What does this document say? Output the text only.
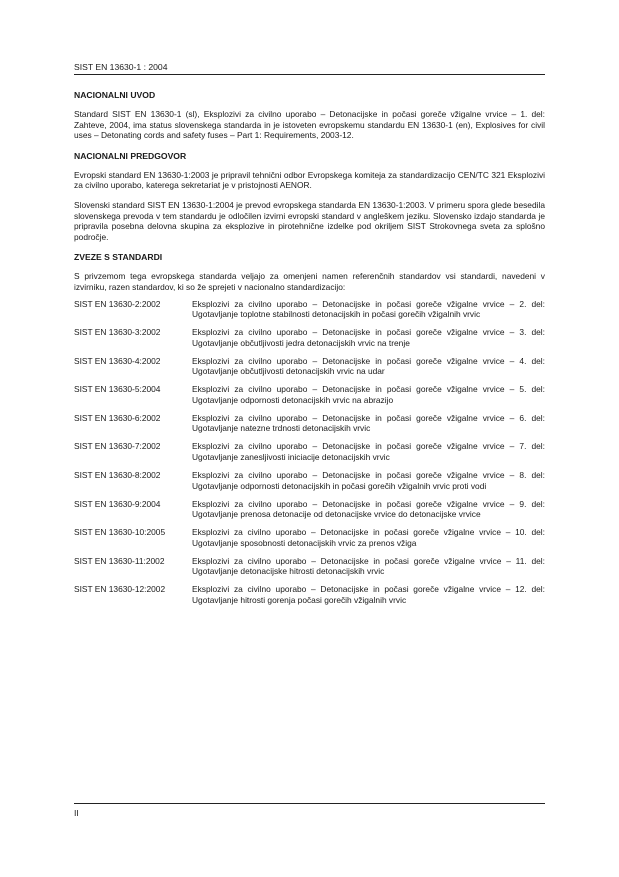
SIST EN 13630-1 : 2004
NACIONALNI UVOD

Standard SIST EN 13630-1 (sl), Eksplozivi za civilno uporabo – Detonacijske in počasi goreče vžigalne vrvice – 1. del: Zahteve, 2004, ima status slovenskega standarda in je istoveten evropskemu standardu EN 13630-1 (en), Explosives for civil uses – Detonating cords and safety fuses – Part 1: Requirements, 2003-12.

NACIONALNI PREDGOVOR

Evropski standard EN 13630-1:2003 je pripravil tehnični odbor Evropskega komiteja za standardizacijo CEN/TC 321 Eksplozivi za civilno uporabo, katerega sekretariat je v pristojnosti AENOR.

Slovenski standard SIST EN 13630-1:2004 je prevod evropskega standarda EN 13630-1:2003. V primeru spora glede besedila slovenskega prevoda v tem standardu je odločilen izvirni evropski standard v angleškem jeziku. Slovensko izdajo standarda je pripravila posebna delovna skupina za eksplozive in pirotehnične izdelke pod okriljem SIST Strokovnega sveta za splošno področje.

ZVEZE S STANDARDI

S privzemom tega evropskega standarda veljajo za omenjeni namen referenčnih standardov vsi standardi, navedeni v izvirniku, razen standardov, ki so že sprejeti v nacionalno standardizacijo:

SIST EN 13630-2:2002	Eksplozivi za civilno uporabo – Detonacijske in počasi goreče vžigalne vrvice – 2. del: Ugotavljanje toplotne stabilnosti detonacijskih in počasi gorečih vžigalnih vrvic
SIST EN 13630-3:2002	Eksplozivi za civilno uporabo – Detonacijske in počasi goreče vžigalne vrvice – 3. del: Ugotavljanje občutljivosti jedra detonacijskih vrvic na trenje
SIST EN 13630-4:2002	Eksplozivi za civilno uporabo – Detonacijske in počasi goreče vžigalne vrvice – 4. del: Ugotavljanje občutljivosti detonacijskih vrvic na udar
SIST EN 13630-5:2004	Eksplozivi za civilno uporabo – Detonacijske in počasi goreče vžigalne vrvice – 5. del: Ugotavljanje odpornosti detonacijskih vrvic na abrazijo
SIST EN 13630-6:2002	Eksplozivi za civilno uporabo – Detonacijske in počasi goreče vžigalne vrvice – 6. del: Ugotavljanje natezne trdnosti detonacijskih vrvic
SIST EN 13630-7:2002	Eksplozivi za civilno uporabo – Detonacijske in počasi goreče vžigalne vrvice – 7. del: Ugotavljanje zanesljivosti iniciacije detonacijskih vrvic
SIST EN 13630-8:2002	Eksplozivi za civilno uporabo – Detonacijske in počasi goreče vžigalne vrvice – 8. del: Ugotavljanje odpornosti detonacijskih in počasi gorečih vžigalnih vrvic proti vodi
SIST EN 13630-9:2004	Eksplozivi za civilno uporabo – Detonacijske in počasi goreče vžigalne vrvice – 9. del: Ugotavljanje prenosa detonacije od detonacijske vrvice do detonacijske vrvice
SIST EN 13630-10:2005	Eksplozivi za civilno uporabo – Detonacijske in počasi goreče vžigalne vrvice – 10. del: Ugotavljanje sposobnosti detonacijskih vrvic za prenos vžiga
SIST EN 13630-11:2002	Eksplozivi za civilno uporabo – Detonacijske in počasi goreče vžigalne vrvice – 11. del: Ugotavljanje detonacijske hitrosti detonacijskih vrvic
SIST EN 13630-12:2002	Eksplozivi za civilno uporabo – Detonacijske in počasi goreče vžigalne vrvice – 12. del: Ugotavljanje hitrosti gorenja počasi gorečih vžigalnih vrvic
II
